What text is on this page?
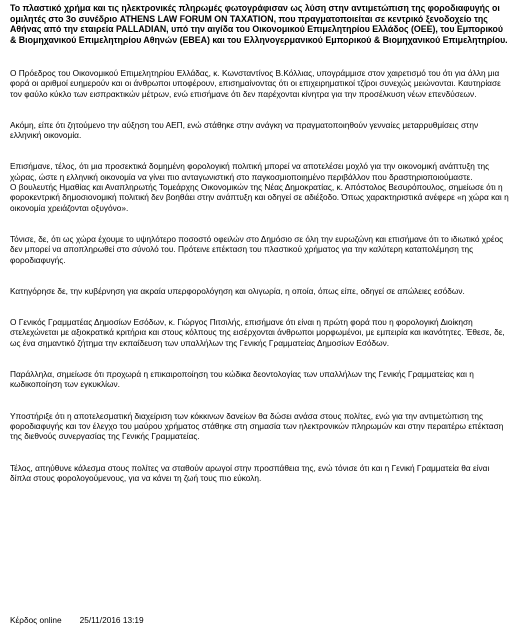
Το πλαστικό χρήμα και τις ηλεκτρονικές πληρωμές φωτογράφισαν ως λύση στην αντιμετώπιση της φοροδιαφυγής οι ομιλητές στο 3ο συνέδριο ATHENS LAW FORUM ON TAXATION, που πραγματοποιείται σε κεντρικό ξενοδοχείο της Αθήνας από την εταιρεία PALLADIAN, υπό την αιγίδα του Οικονομικού Επιμελητηρίου Ελλάδος (ΟΕΕ), του Εμπορικού & Βιομηχανικού Επιμελητηρίου Αθηνών (ΕΒΕΑ) και του Ελληνογερμανικού Εμπορικού & Βιομηχανικού Επιμελητηρίου.

Ο Πρόεδρος του Οικονομικού Επιμελητηρίου Ελλάδας, κ. Κωνσταντίνος Β.Κόλλιας, υπογράμμισε στον χαιρετισμό του ότι για άλλη μια φορά οι αριθμοί ευημερούν και οι άνθρωποι υποφέρουν, επισημαίνοντας ότι οι επιχειρηματικοί τζίροι συνεχώς μειώνονται. Καυτηρίασε τον φαύλο κύκλο των εισπρακτικών μέτρων, ενώ επισήμανε ότι δεν παρέχονται κίνητρα για την προσέλκυση νέων επενδύσεων.

Ακόμη, είπε ότι ζητούμενο την αύξηση του ΑΕΠ, ενώ στάθηκε στην ανάγκη να πραγματοποιηθούν γενναίες μεταρρυθμίσεις στην ελληνική οικονομία.

Επισήμανε, τέλος, ότι μια προσεκτικά δομημένη φορολογική πολιτική μπορεί να αποτελέσει μοχλό για την οικονομική ανάπτυξη της χώρας, ώστε η ελληνική οικονομία να γίνει πιο ανταγωνιστική στο παγκοσμιοποιημένο περιβάλλον που δραστηριοποιούμαστε.

Ο βουλευτής Ημαθίας και Αναπληρωτής Τομεάρχης Οικονομικών της Νέας Δημοκρατίας, κ. Απόστολος Βεσυρόπουλος, σημείωσε ότι η φοροκεντρική δημοσιονομική πολιτική δεν βοηθάει στην ανάπτυξη και οδηγεί σε αδιέξοδο. Όπως χαρακτηριστικά ανέφερε «η χώρα και η οικονομία χρειάζονται οξυγόνο».

Τόνισε, δε, ότι ως χώρα έχουμε το υψηλότερο ποσοστό οφειλών στο Δημόσιο σε όλη την ευρωζώνη και επισήμανε ότι το ιδιωτικό χρέος δεν μπορεί να αποπληρωθεί στο σύνολό του. Πρότεινε επέκταση του πλαστικού χρήματος για την καλύτερη καταπολέμηση της φοροδιαφυγής.

Κατηγόρησε δε, την κυβέρνηση για ακραία υπερφορολόγηση και ολιγωρία, η οποία, όπως είπε, οδηγεί σε απώλειες εσόδων.

Ο Γενικός Γραμματέας Δημοσίων Εσόδων, κ. Γιώργος Πιτσιλής, επισήμανε ότι είναι η πρώτη φορά που η φορολογική Διοίκηση στελεχώνεται με αξιοκρατικά κριτήρια και στους κόλπους της εισέρχονται άνθρωποι μορφωμένοι, με εμπειρία και ικανότητες. Έθεσε, δε, ως ένα σημαντικό ζήτημα την εκπαίδευση των υπαλλήλων της Γενικής Γραμματείας Δημοσίων Εσόδων.

Παράλληλα, σημείωσε ότι προχωρά η επικαιροποίηση του κώδικα δεοντολογίας των υπαλλήλων της Γενικής Γραμματείας και η κωδικοποίηση των εγκυκλίων.

Υποστήριξε ότι η αποτελεσματική διαχείριση των κόκκινων δανείων θα δώσει ανάσα στους πολίτες, ενώ για την αντιμετώπιση της φοροδιαφυγής και τον έλεγχο του μαύρου χρήματος στάθηκε στη σημασία των ηλεκτρονικών πληρωμών και στην περαιτέρω επέκταση της διεθνούς συνεργασίας της Γενικής Γραμματείας.

Τέλος, απηύθυνε κάλεσμα στους πολίτες να σταθούν αρωγοί στην προσπάθεια της, ενώ τόνισε ότι και η Γενική Γραμματεία θα είναι δίπλα στους φορολογούμενους, για να κάνει τη ζωή τους πιο εύκολη.

Κέρδος online 25/11/2016 13:19
